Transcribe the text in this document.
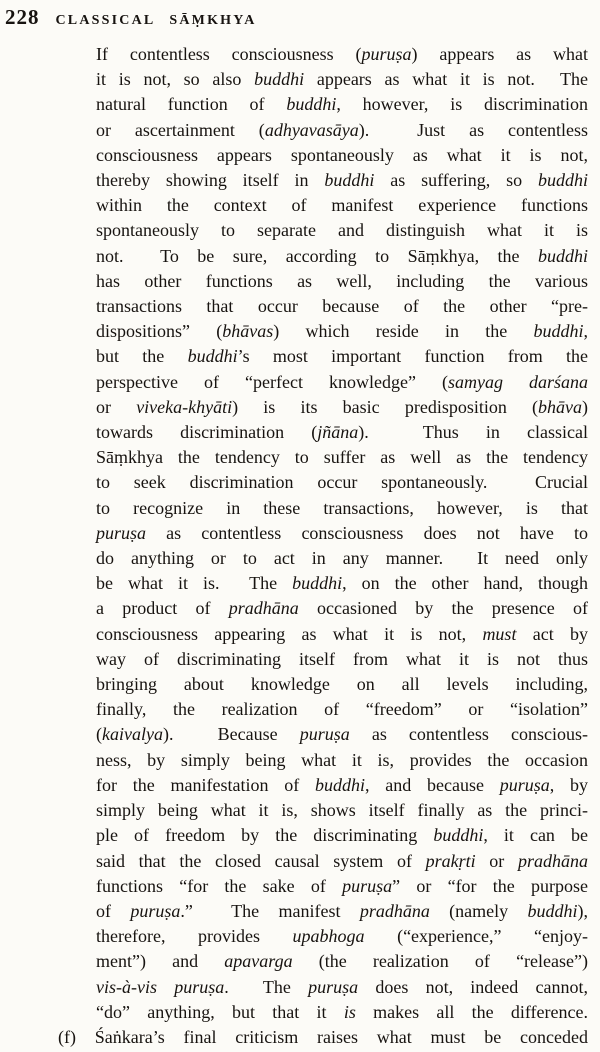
228 CLASSICAL SĀṂKHYA
If contentless consciousness (puruṣa) appears as what
it is not, so also buddhi appears as what it is not.  The
natural function of buddhi, however, is discrimination
or ascertainment (adhyavasāya).  Just as contentless
consciousness appears spontaneously as what it is not,
thereby showing itself in buddhi as suffering, so buddhi
within the context of manifest experience functions
spontaneously to separate and distinguish what it is
not.  To be sure, according to Sāṃkhya, the buddhi
has other functions as well, including the various
transactions that occur because of the other “pre-
dispositions” (bhāvas) which reside in the buddhi,
but the buddhi’s most important function from the
perspective of “perfect knowledge” (samyag darśana
or viveka-khyāti) is its basic predisposition (bhāva)
towards discrimination (jñāna).  Thus in classical
Sāṃkhya the tendency to suffer as well as the tendency
to seek discrimination occur spontaneously.  Crucial
to recognize in these transactions, however, is that
puruṣa as contentless consciousness does not have to
do anything or to act in any manner.  It need only
be what it is.  The buddhi, on the other hand, though
a product of pradhāna occasioned by the presence of
consciousness appearing as what it is not, must act by
way of discriminating itself from what it is not thus
bringing about knowledge on all levels including,
finally, the realization of “freedom” or “isolation”
(kaivalya).  Because puruṣa as contentless conscious-
ness, by simply being what it is, provides the occasion
for the manifestation of buddhi, and because puruṣa, by
simply being what it is, shows itself finally as the princi-
ple of freedom by the discriminating buddhi, it can be
said that the closed causal system of prakṛti or pradhāna
functions “for the sake of puruṣa” or “for the purpose
of puruṣa.”  The manifest pradhāna (namely buddhi),
therefore, provides upabhoga (“experience,” “enjoy-
ment”) and apavarga (the realization of “release”)
vis-à-vis puruṣa.  The puruṣa does not, indeed cannot,
“do” anything, but that it is makes all the difference.
(f) Śaṅkara’s final criticism raises what must be conceded
